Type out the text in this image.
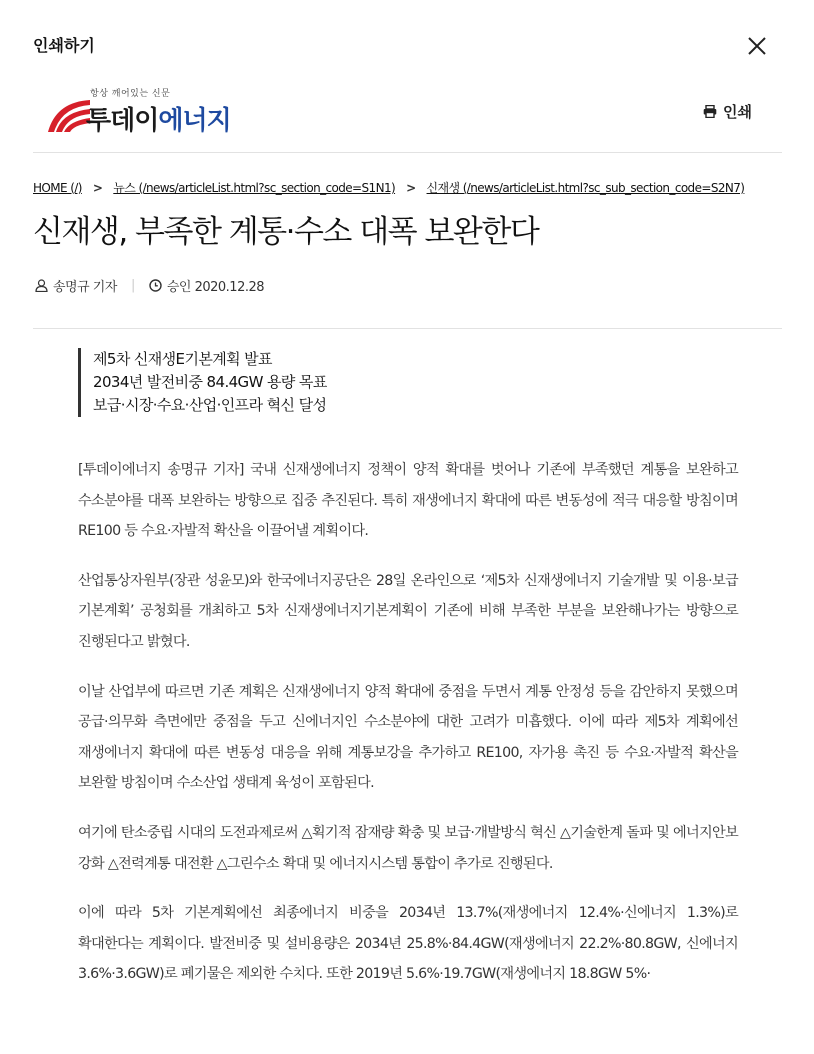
인쇄하기
항상 깨어있는 신문
투데이에너지	인쇄
HOME (/) > 뉴스 (/news/articleList.html?sc_section_code=S1N1) > 신재생 (/news/articleList.html?sc_sub_section_code=S2N7)
신재생, 부족한 계통·수소 대폭 보완한다
송명규 기자 | 승인 2020.12.28
제5차 신재생E기본계획 발표
2034년 발전비중 84.4GW 용량 목표
보급·시장·수요·산업·인프라 혁신 달성

[투데이에너지 송명규 기자] 국내 신재생에너지 정책이 양적 확대를 벗어나 기존에 부족했던 계통을 보완하고 수소분야를 대폭 보완하는 방향으로 집중 추진된다. 특히 재생에너지 확대에 따른 변동성에 적극 대응할 방침이며 RE100 등 수요·자발적 확산을 이끌어낼 계획이다.

산업통상자원부(장관 성윤모)와 한국에너지공단은 28일 온라인으로 ‘제5차 신재생에너지 기술개발 및 이용·보급 기본계획’ 공청회를 개최하고 5차 신재생에너지기본계획이 기존에 비해 부족한 부분을 보완해나가는 방향으로 진행된다고 밝혔다.

이날 산업부에 따르면 기존 계획은 신재생에너지 양적 확대에 중점을 두면서 계통 안정성 등을 감안하지 못했으며 공급·의무화 측면에만 중점을 두고 신에너지인 수소분야에 대한 고려가 미흡했다. 이에 따라 제5차 계획에선 재생에너지 확대에 따른 변동성 대응을 위해 계통보강을 추가하고 RE100, 자가용 촉진 등 수요·자발적 확산을 보완할 방침이며 수소산업 생태계 육성이 포함된다.

여기에 탄소중립 시대의 도전과제로써 △획기적 잠재량 확충 및 보급·개발방식 혁신 △기술한계 돌파 및 에너지안보 강화 △전력계통 대전환 △그린수소 확대 및 에너지시스템 통합이 추가로 진행된다.

이에 따라 5차 기본계획에선 최종에너지 비중을 2034년 13.7%(재생에너지 12.4%·신에너지 1.3%)로 확대한다는 계획이다. 발전비중 및 설비용량은 2034년 25.8%·84.4GW(재생에너지 22.2%·80.8GW, 신에너지 3.6%·3.6GW)로 폐기물은 제외한 수치다. 또한 2019년 5.6%·19.7GW(재생에너지 18.8GW 5%·
